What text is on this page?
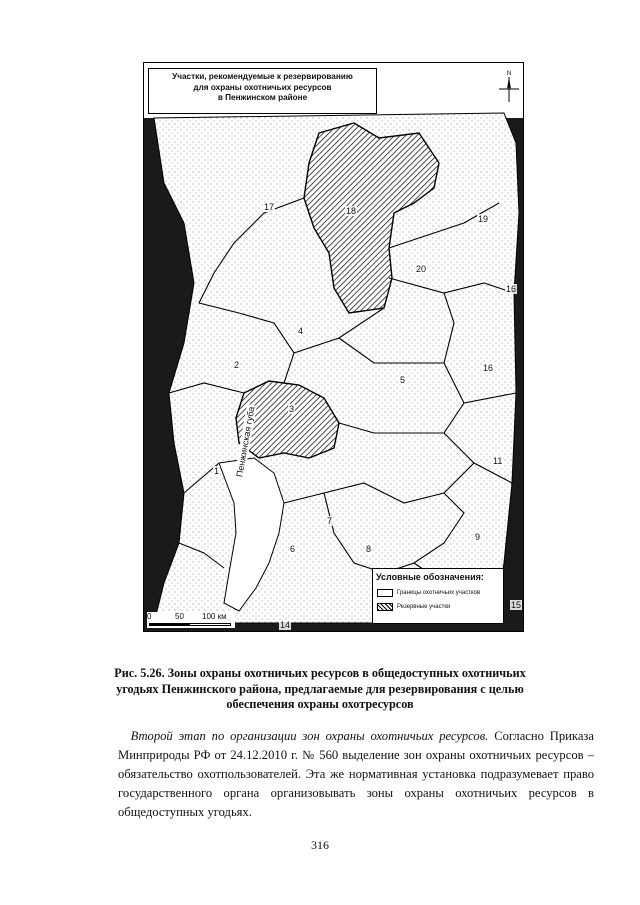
Участки, рекомендуемые к резервированию
для охраны охотничьих ресурсов
в Пенжинском районе
N
17	18
19
20
16
4
2
3
5
16
1
11
6
7
8
9
14
15
Пенжинская губа
Условные обозначения:
Границы охотничьих участков
Резервные участки
0	50 100 км
Рис. 5.26. Зоны охраны охотничьих ресурсов в общедоступных охотничьих
угодьях Пенжинского района, предлагаемые для резервирования с целью
обеспечения охраны охотресурсов
 Второй этап по организации зон охраны охотничьих ресурсов. Согласно Приказа Минприроды РФ от 24.12.2010 г. № 560 выделение зон охраны охотничьих ресурсов – обязательство охотпользователей. Эта же нормативная установка подразумевает право государственного органа организовывать зоны охраны охотничьих ресурсов в общедоступных угодьях.
316
